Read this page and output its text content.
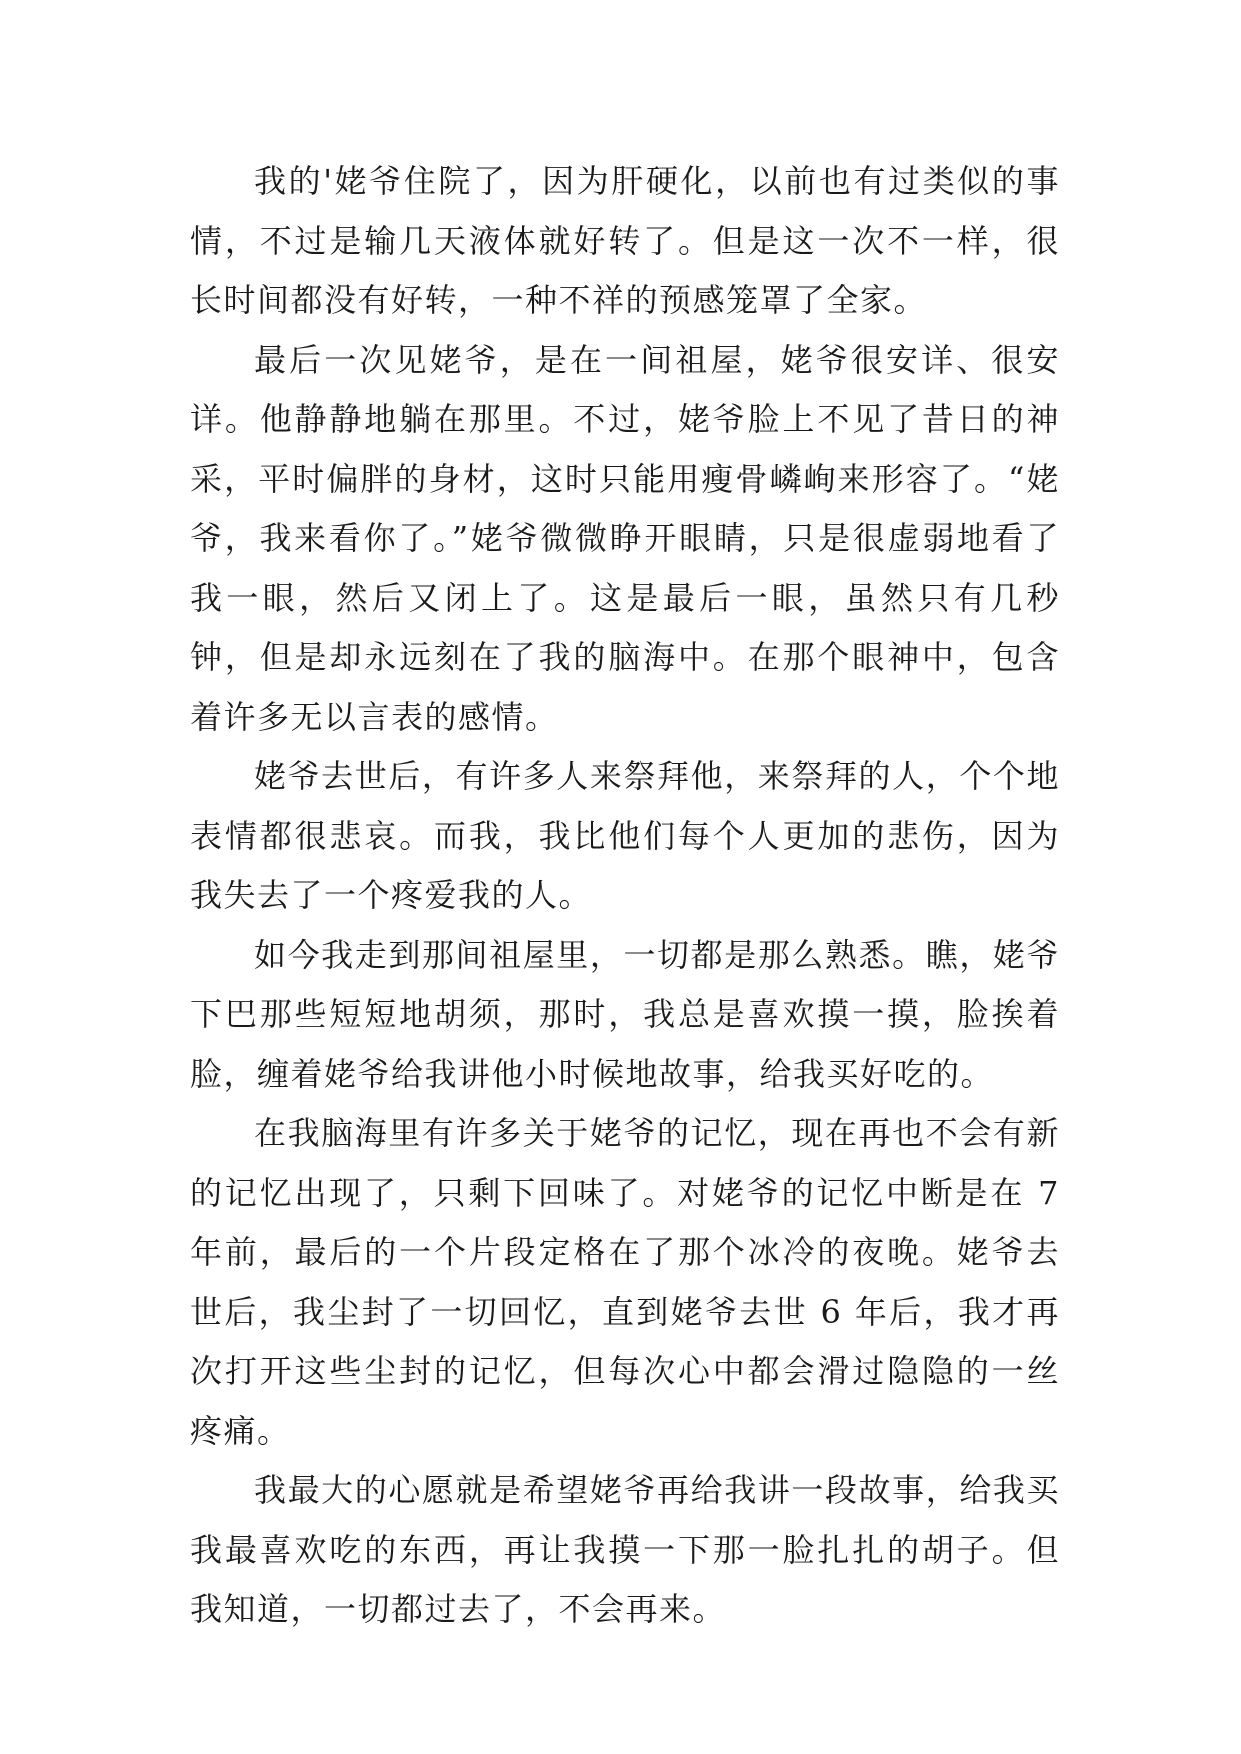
我的'姥爷住院了，因为肝硬化，以前也有过类似的事情，不过是输几天液体就好转了。但是这一次不一样，很长时间都没有好转，一种不祥的预感笼罩了全家。

最后一次见姥爷，是在一间祖屋，姥爷很安详、很安详。他静静地躺在那里。不过，姥爷脸上不见了昔日的神采，平时偏胖的身材，这时只能用瘦骨嶙峋来形容了。“姥爷，我来看你了。”姥爷微微睁开眼睛，只是很虚弱地看了我一眼，然后又闭上了。这是最后一眼，虽然只有几秒钟，但是却永远刻在了我的脑海中。在那个眼神中，包含着许多无以言表的感情。

姥爷去世后，有许多人来祭拜他，来祭拜的人，个个地表情都很悲哀。而我，我比他们每个人更加的悲伤，因为我失去了一个疼爱我的人。

如今我走到那间祖屋里，一切都是那么熟悉。瞧，姥爷下巴那些短短地胡须，那时，我总是喜欢摸一摸，脸挨着脸，缠着姥爷给我讲他小时候地故事，给我买好吃的。

在我脑海里有许多关于姥爷的记忆，现在再也不会有新的记忆出现了，只剩下回味了。对姥爷的记忆中断是在 7 年前，最后的一个片段定格在了那个冰冷的夜晚。姥爷去世后，我尘封了一切回忆，直到姥爷去世 6 年后，我才再次打开这些尘封的记忆，但每次心中都会滑过隐隐的一丝疼痛。

我最大的心愿就是希望姥爷再给我讲一段故事，给我买我最喜欢吃的东西，再让我摸一下那一脸扎扎的胡子。但我知道，一切都过去了，不会再来。
